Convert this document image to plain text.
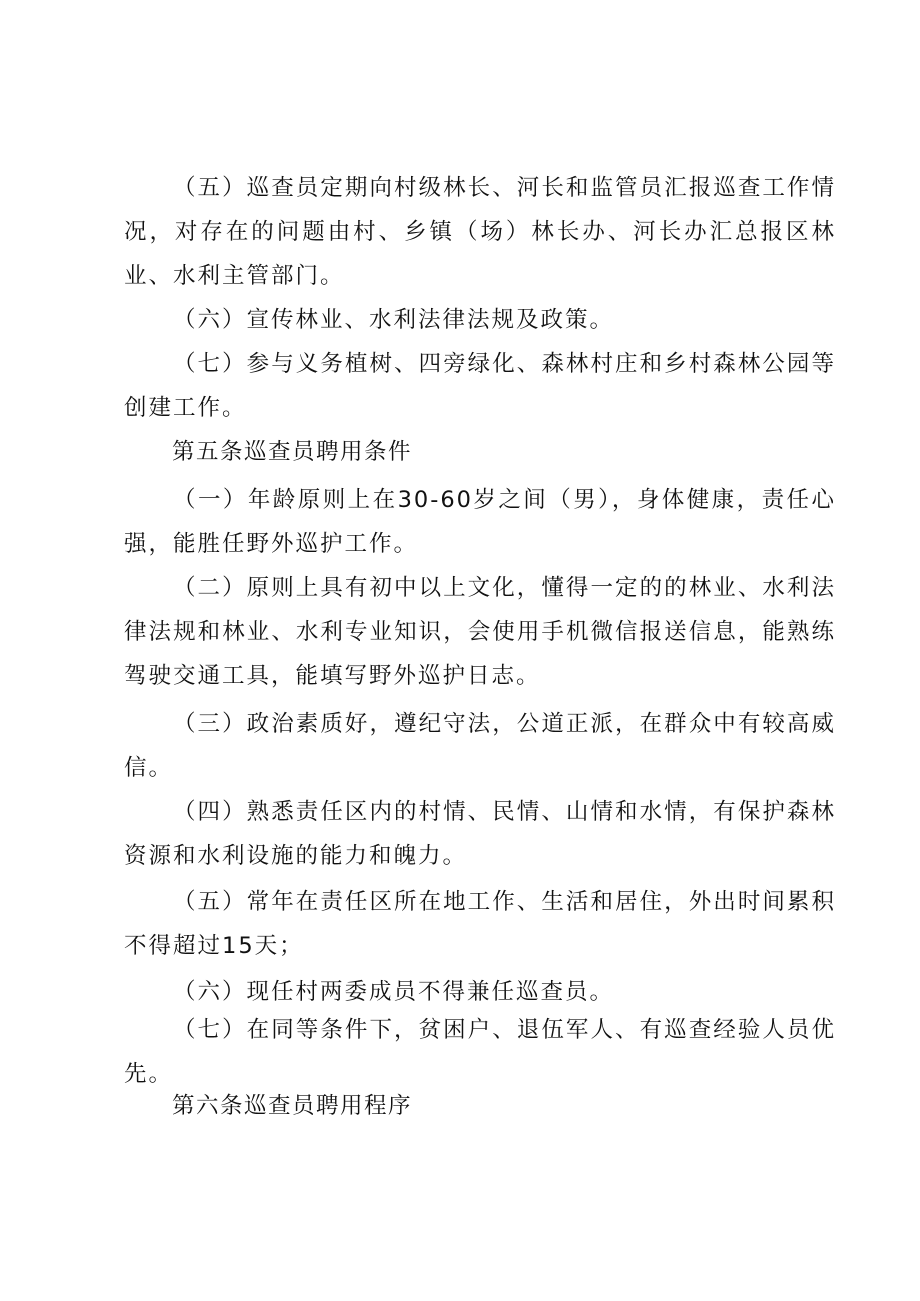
（五）巡查员定期向村级林长、河长和监管员汇报巡查工作情况，对存在的问题由村、乡镇（场）林长办、河长办汇总报区林业、水利主管部门。

（六）宣传林业、水利法律法规及政策。

（七）参与义务植树、四旁绿化、森林村庄和乡村森林公园等创建工作。

第五条巡查员聘用条件

（一）年龄原则上在30-60岁之间（男），身体健康，责任心强，能胜任野外巡护工作。

（二）原则上具有初中以上文化，懂得一定的的林业、水利法律法规和林业、水利专业知识，会使用手机微信报送信息，能熟练驾驶交通工具，能填写野外巡护日志。

（三）政治素质好，遵纪守法，公道正派，在群众中有较高威信。

（四）熟悉责任区内的村情、民情、山情和水情，有保护森林资源和水利设施的能力和魄力。

（五）常年在责任区所在地工作、生活和居住，外出时间累积不得超过15天；

（六）现任村两委成员不得兼任巡查员。

（七）在同等条件下，贫困户、退伍军人、有巡查经验人员优先。

第六条巡查员聘用程序
